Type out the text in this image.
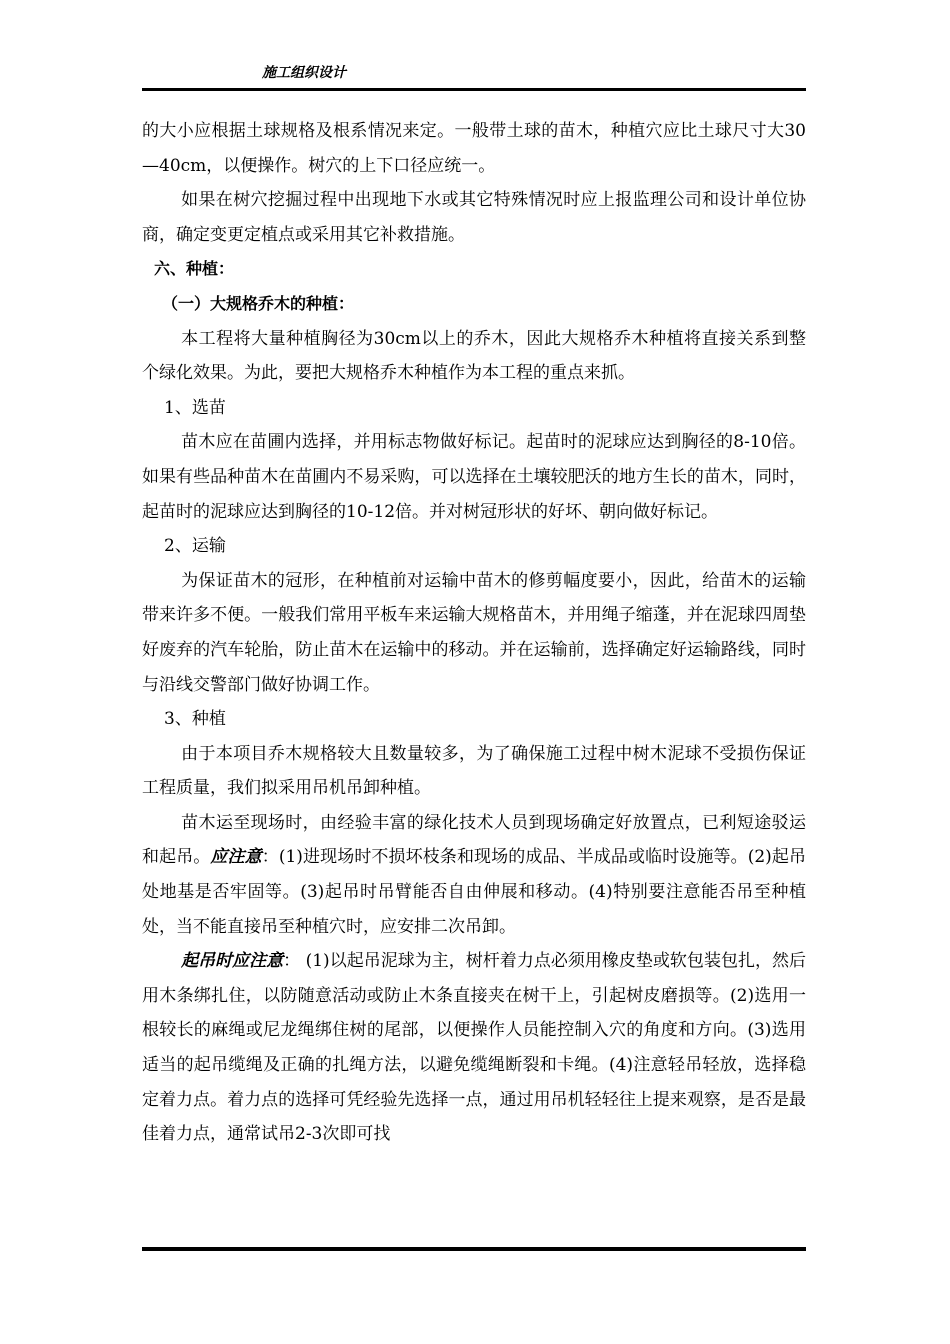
施工组织设计

的大小应根据土球规格及根系情况来定。一般带土球的苗木，种植穴应比土球尺寸大30—40cm，以便操作。树穴的上下口径应统一。

如果在树穴挖掘过程中出现地下水或其它特殊情况时应上报监理公司和设计单位协商，确定变更定植点或采用其它补救措施。

六、种植：

（一）大规格乔木的种植：

本工程将大量种植胸径为30cm以上的乔木，因此大规格乔木种植将直接关系到整个绿化效果。为此，要把大规格乔木种植作为本工程的重点来抓。

1、选苗

苗木应在苗圃内选择，并用标志物做好标记。起苗时的泥球应达到胸径的8-10倍。如果有些品种苗木在苗圃内不易采购，可以选择在土壤较肥沃的地方生长的苗木，同时，起苗时的泥球应达到胸径的10-12倍。并对树冠形状的好坏、朝向做好标记。

2、运输

为保证苗木的冠形，在种植前对运输中苗木的修剪幅度要小，因此，给苗木的运输带来许多不便。一般我们常用平板车来运输大规格苗木，并用绳子缩蓬，并在泥球四周垫好废弃的汽车轮胎，防止苗木在运输中的移动。并在运输前，选择确定好运输路线，同时与沿线交警部门做好协调工作。

3、种植

由于本项目乔木规格较大且数量较多，为了确保施工过程中树木泥球不受损伤保证工程质量，我们拟采用吊机吊卸种植。

苗木运至现场时，由经验丰富的绿化技术人员到现场确定好放置点，已利短途驳运和起吊。应注意：(1)进现场时不损坏枝条和现场的成品、半成品或临时设施等。(2)起吊处地基是否牢固等。(3)起吊时吊臂能否自由伸展和移动。(4)特别要注意能否吊至种植处，当不能直接吊至种植穴时，应安排二次吊卸。

起吊时应注意： (1)以起吊泥球为主，树杆着力点必须用橡皮垫或软包装包扎，然后用木条绑扎住，以防随意活动或防止木条直接夹在树干上，引起树皮磨损等。(2)选用一根较长的麻绳或尼龙绳绑住树的尾部，以便操作人员能控制入穴的角度和方向。(3)选用适当的起吊缆绳及正确的扎绳方法，以避免缆绳断裂和卡绳。(4)注意轻吊轻放，选择稳定着力点。着力点的选择可凭经验先选择一点，通过用吊机轻轻往上提来观察，是否是最佳着力点，通常试吊2-3次即可找
